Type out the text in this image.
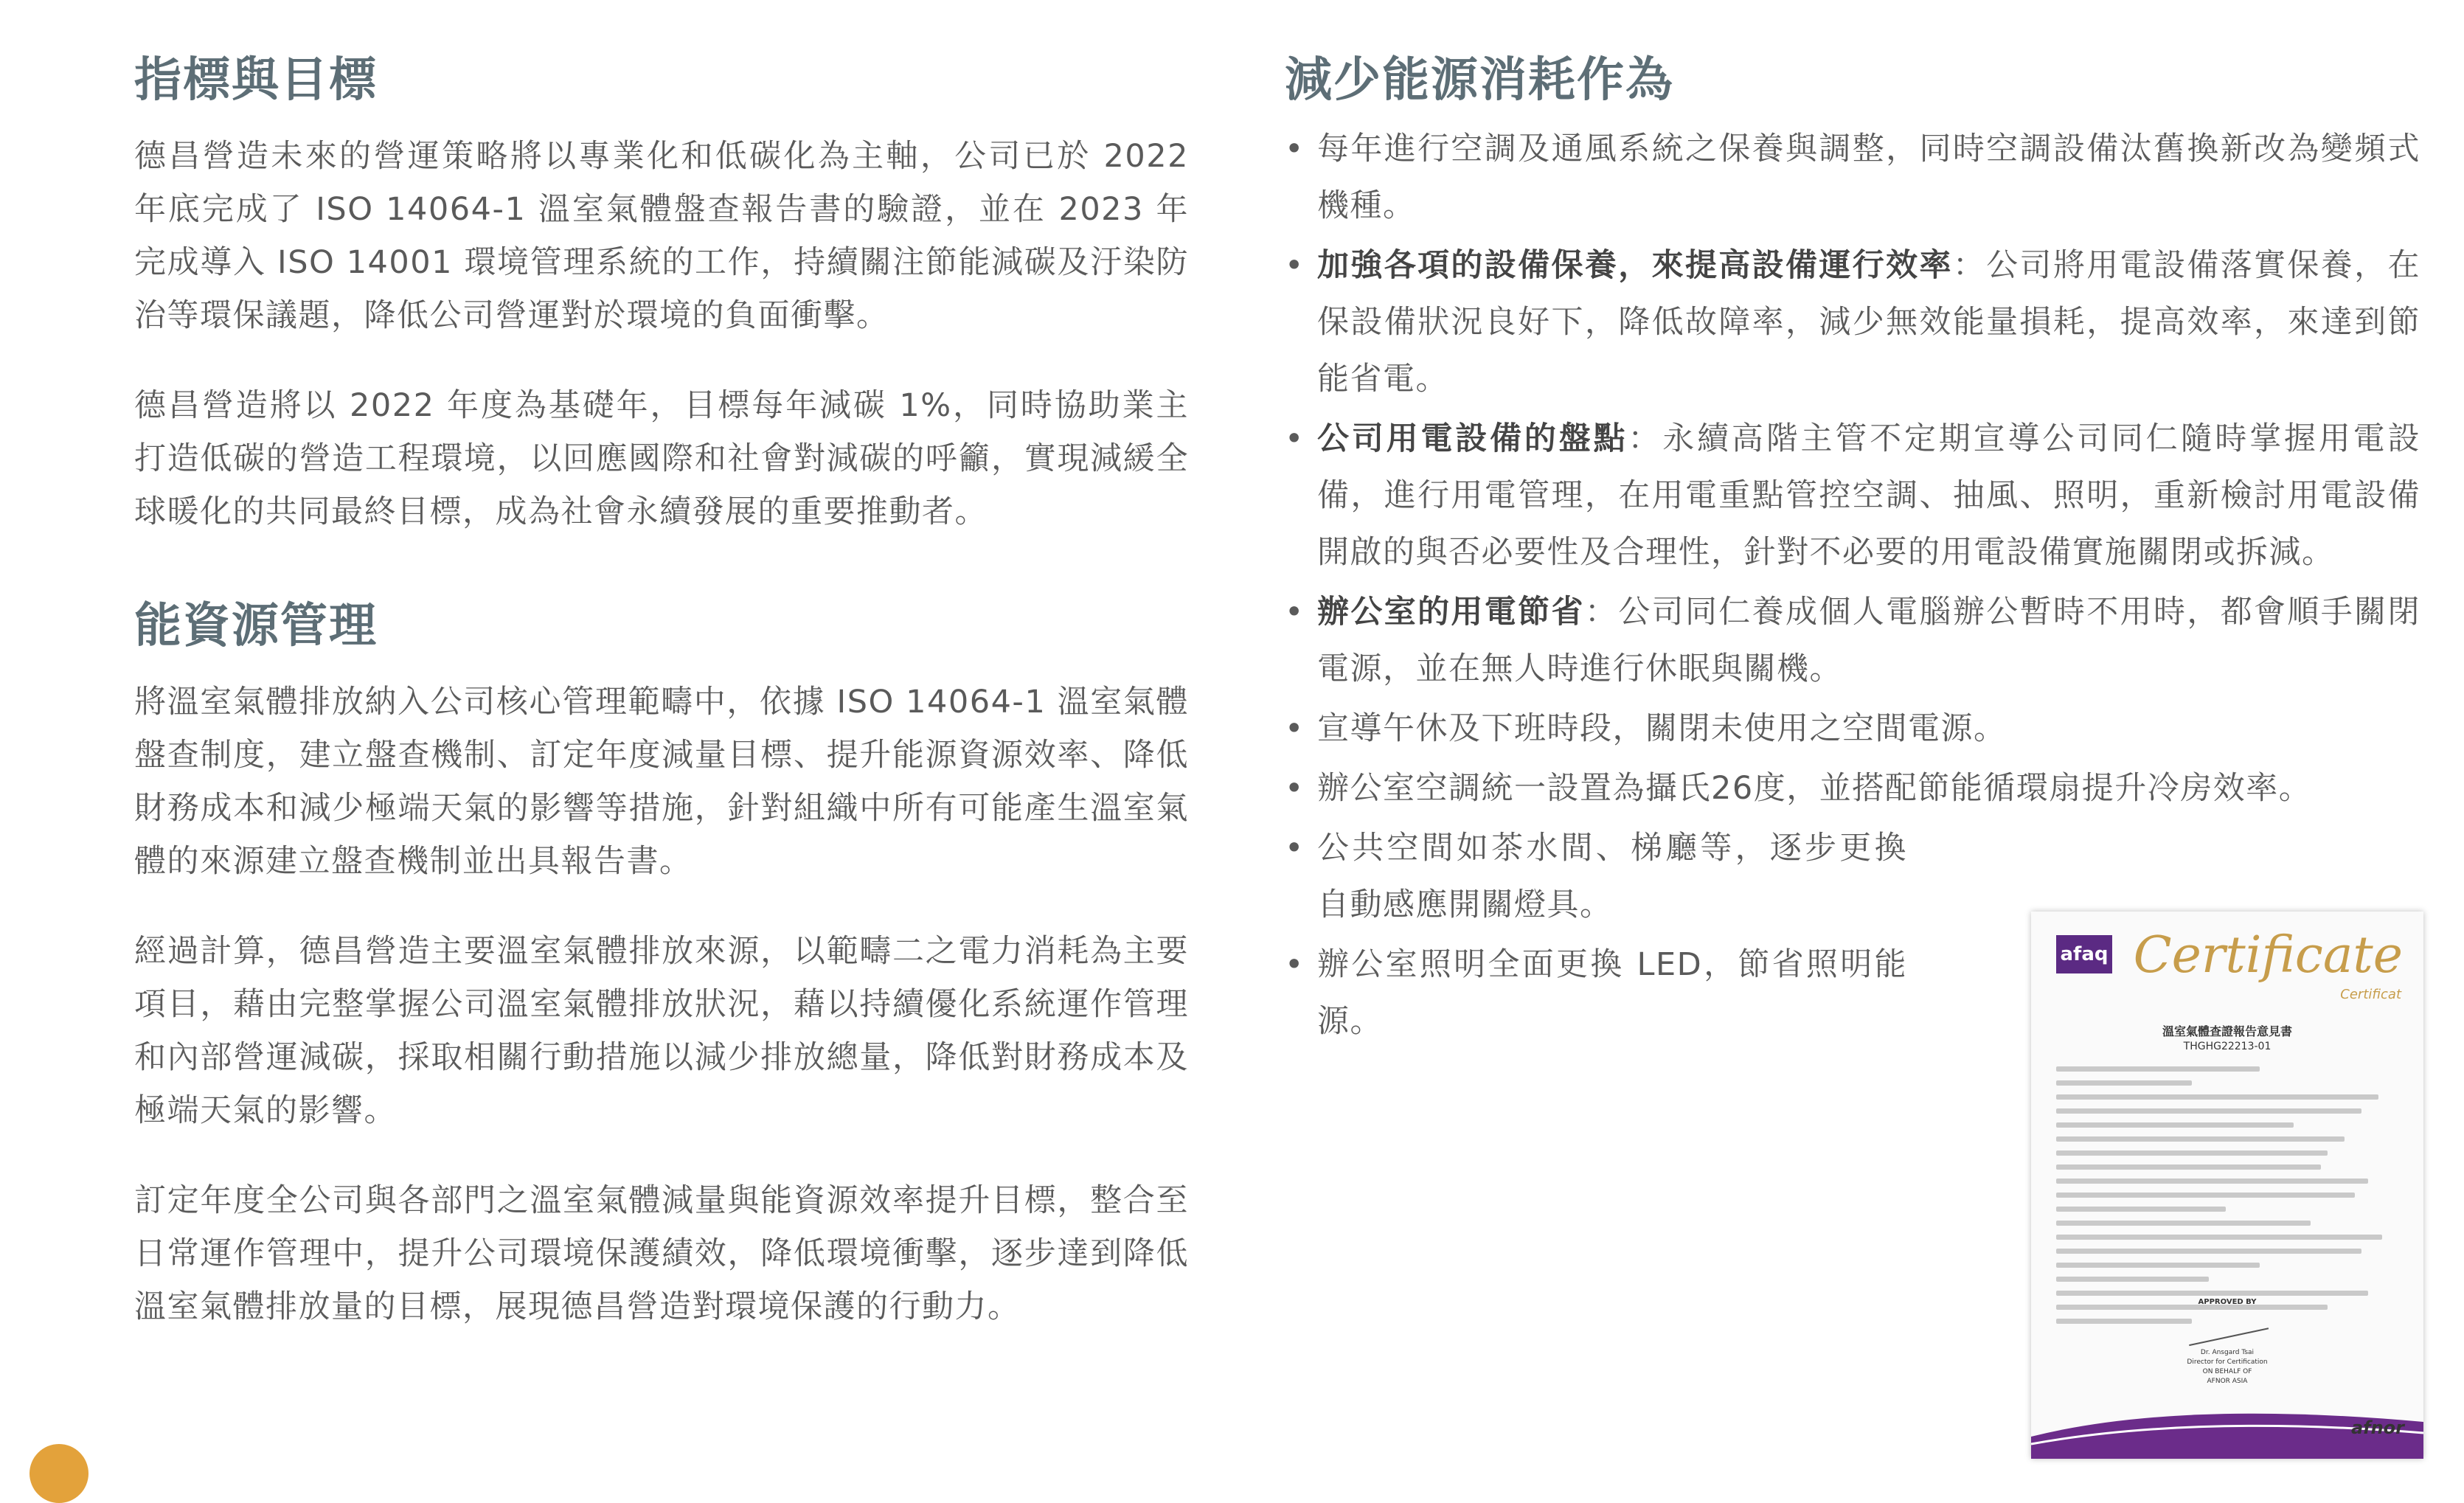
指標與目標

德昌營造未來的營運策略將以專業化和低碳化為主軸，公司已於 2022 年底完成了 ISO 14064-1 溫室氣體盤查報告書的驗證，並在 2023 年完成導入 ISO 14001 環境管理系統的工作，持續關注節能減碳及汙染防治等環保議題，降低公司營運對於環境的負面衝擊。

德昌營造將以 2022 年度為基礎年，目標每年減碳 1%，同時協助業主打造低碳的營造工程環境，以回應國際和社會對減碳的呼籲，實現減緩全球暖化的共同最終目標，成為社會永續發展的重要推動者。

能資源管理

將溫室氣體排放納入公司核心管理範疇中，依據 ISO 14064-1 溫室氣體盤查制度，建立盤查機制、訂定年度減量目標、提升能源資源效率、降低財務成本和減少極端天氣的影響等措施，針對組織中所有可能產生溫室氣體的來源建立盤查機制並出具報告書。

經過計算，德昌營造主要溫室氣體排放來源，以範疇二之電力消耗為主要項目，藉由完整掌握公司溫室氣體排放狀況，藉以持續優化系統運作管理和內部營運減碳，採取相關行動措施以減少排放總量，降低對財務成本及極端天氣的影響。

訂定年度全公司與各部門之溫室氣體減量與能資源效率提升目標，整合至日常運作管理中，提升公司環境保護績效，降低環境衝擊，逐步達到降低溫室氣體排放量的目標，展現德昌營造對環境保護的行動力。

減少能源消耗作為
• 每年進行空調及通風系統之保養與調整，同時空調設備汰舊換新改為變頻式機種。
• 加強各項的設備保養，來提高設備運行效率：公司將用電設備落實保養，在保設備狀況良好下，降低故障率，減少無效能量損耗，提高效率，來達到節能省電。
• 公司用電設備的盤點：永續高階主管不定期宣導公司同仁隨時掌握用電設備，進行用電管理，在用電重點管控空調、抽風、照明，重新檢討用電設備開啟的與否必要性及合理性，針對不必要的用電設備實施關閉或拆減。
• 辦公室的用電節省：公司同仁養成個人電腦辦公暫時不用時，都會順手關閉電源，並在無人時進行休眠與關機。
• 宣導午休及下班時段，關閉未使用之空間電源。
• 辦公室空調統一設置為攝氏26度，並搭配節能循環扇提升冷房效率。
• 公共空間如茶水間、梯廳等，逐步更換自動感應開關燈具。
• 辦公室照明全面更換 LED，節省照明能源。
afaq Certificate
Certificat
溫室氣體查證報告意見書
THGHG22213-01
APPROVED BY
Dr. Ansgard Tsai
Director for Certification
ON BEHALF OF
AFNOR ASIA
afnor
